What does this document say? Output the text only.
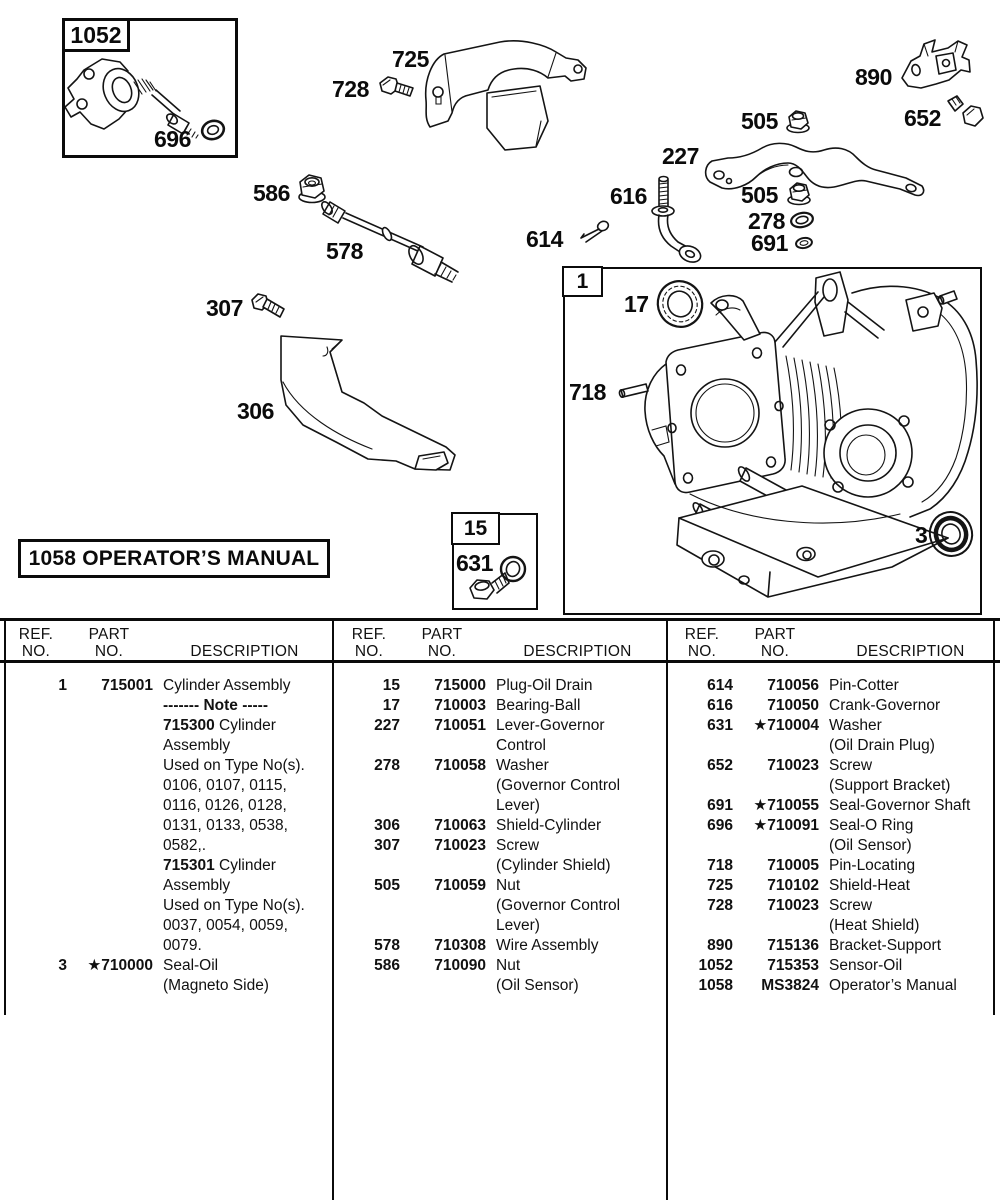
1052
1
15
1058 OPERATOR’S MANUAL
696
725
728	890
652
505
227
616	505
278
691
586
578	614
307
306
17
718
3
631
REF.
NO.
PART
NO.	DESCRIPTION
1	715001 Cylinder Assembly
------- Note -----
715300 Cylinder
Assembly
Used on Type No(s).
0106, 0107, 0115,
0116, 0126, 0128,
0131, 0133, 0538,
0582,.
715301 Cylinder
Assembly
Used on Type No(s).
0037, 0054, 0059,
0079.
3	★710000 Seal-Oil
(Magneto Side)
REF.
NO.
PART
NO.	DESCRIPTION
15	715000 Plug-Oil Drain
17	710003 Bearing-Ball
227	710051 Lever-Governor
Control
278	710058 Washer
(Governor Control
Lever)
306	710063 Shield-Cylinder
307	710023 Screw
(Cylinder Shield)
505	710059 Nut
(Governor Control
Lever)
578	710308 Wire Assembly
586	710090 Nut
(Oil Sensor)
REF.
NO.
PART
NO.	DESCRIPTION
614	710056 Pin-Cotter
616	710050 Crank-Governor
631	★710004 Washer
(Oil Drain Plug)
652	710023 Screw
(Support Bracket)
691	★710055 Seal-Governor Shaft
696	★710091 Seal-O Ring
(Oil Sensor)
718	710005 Pin-Locating
725	710102 Shield-Heat
728	710023 Screw
(Heat Shield)
890	715136 Bracket-Support
1052	715353 Sensor-Oil
1058	MS3824 Operator’s Manual
